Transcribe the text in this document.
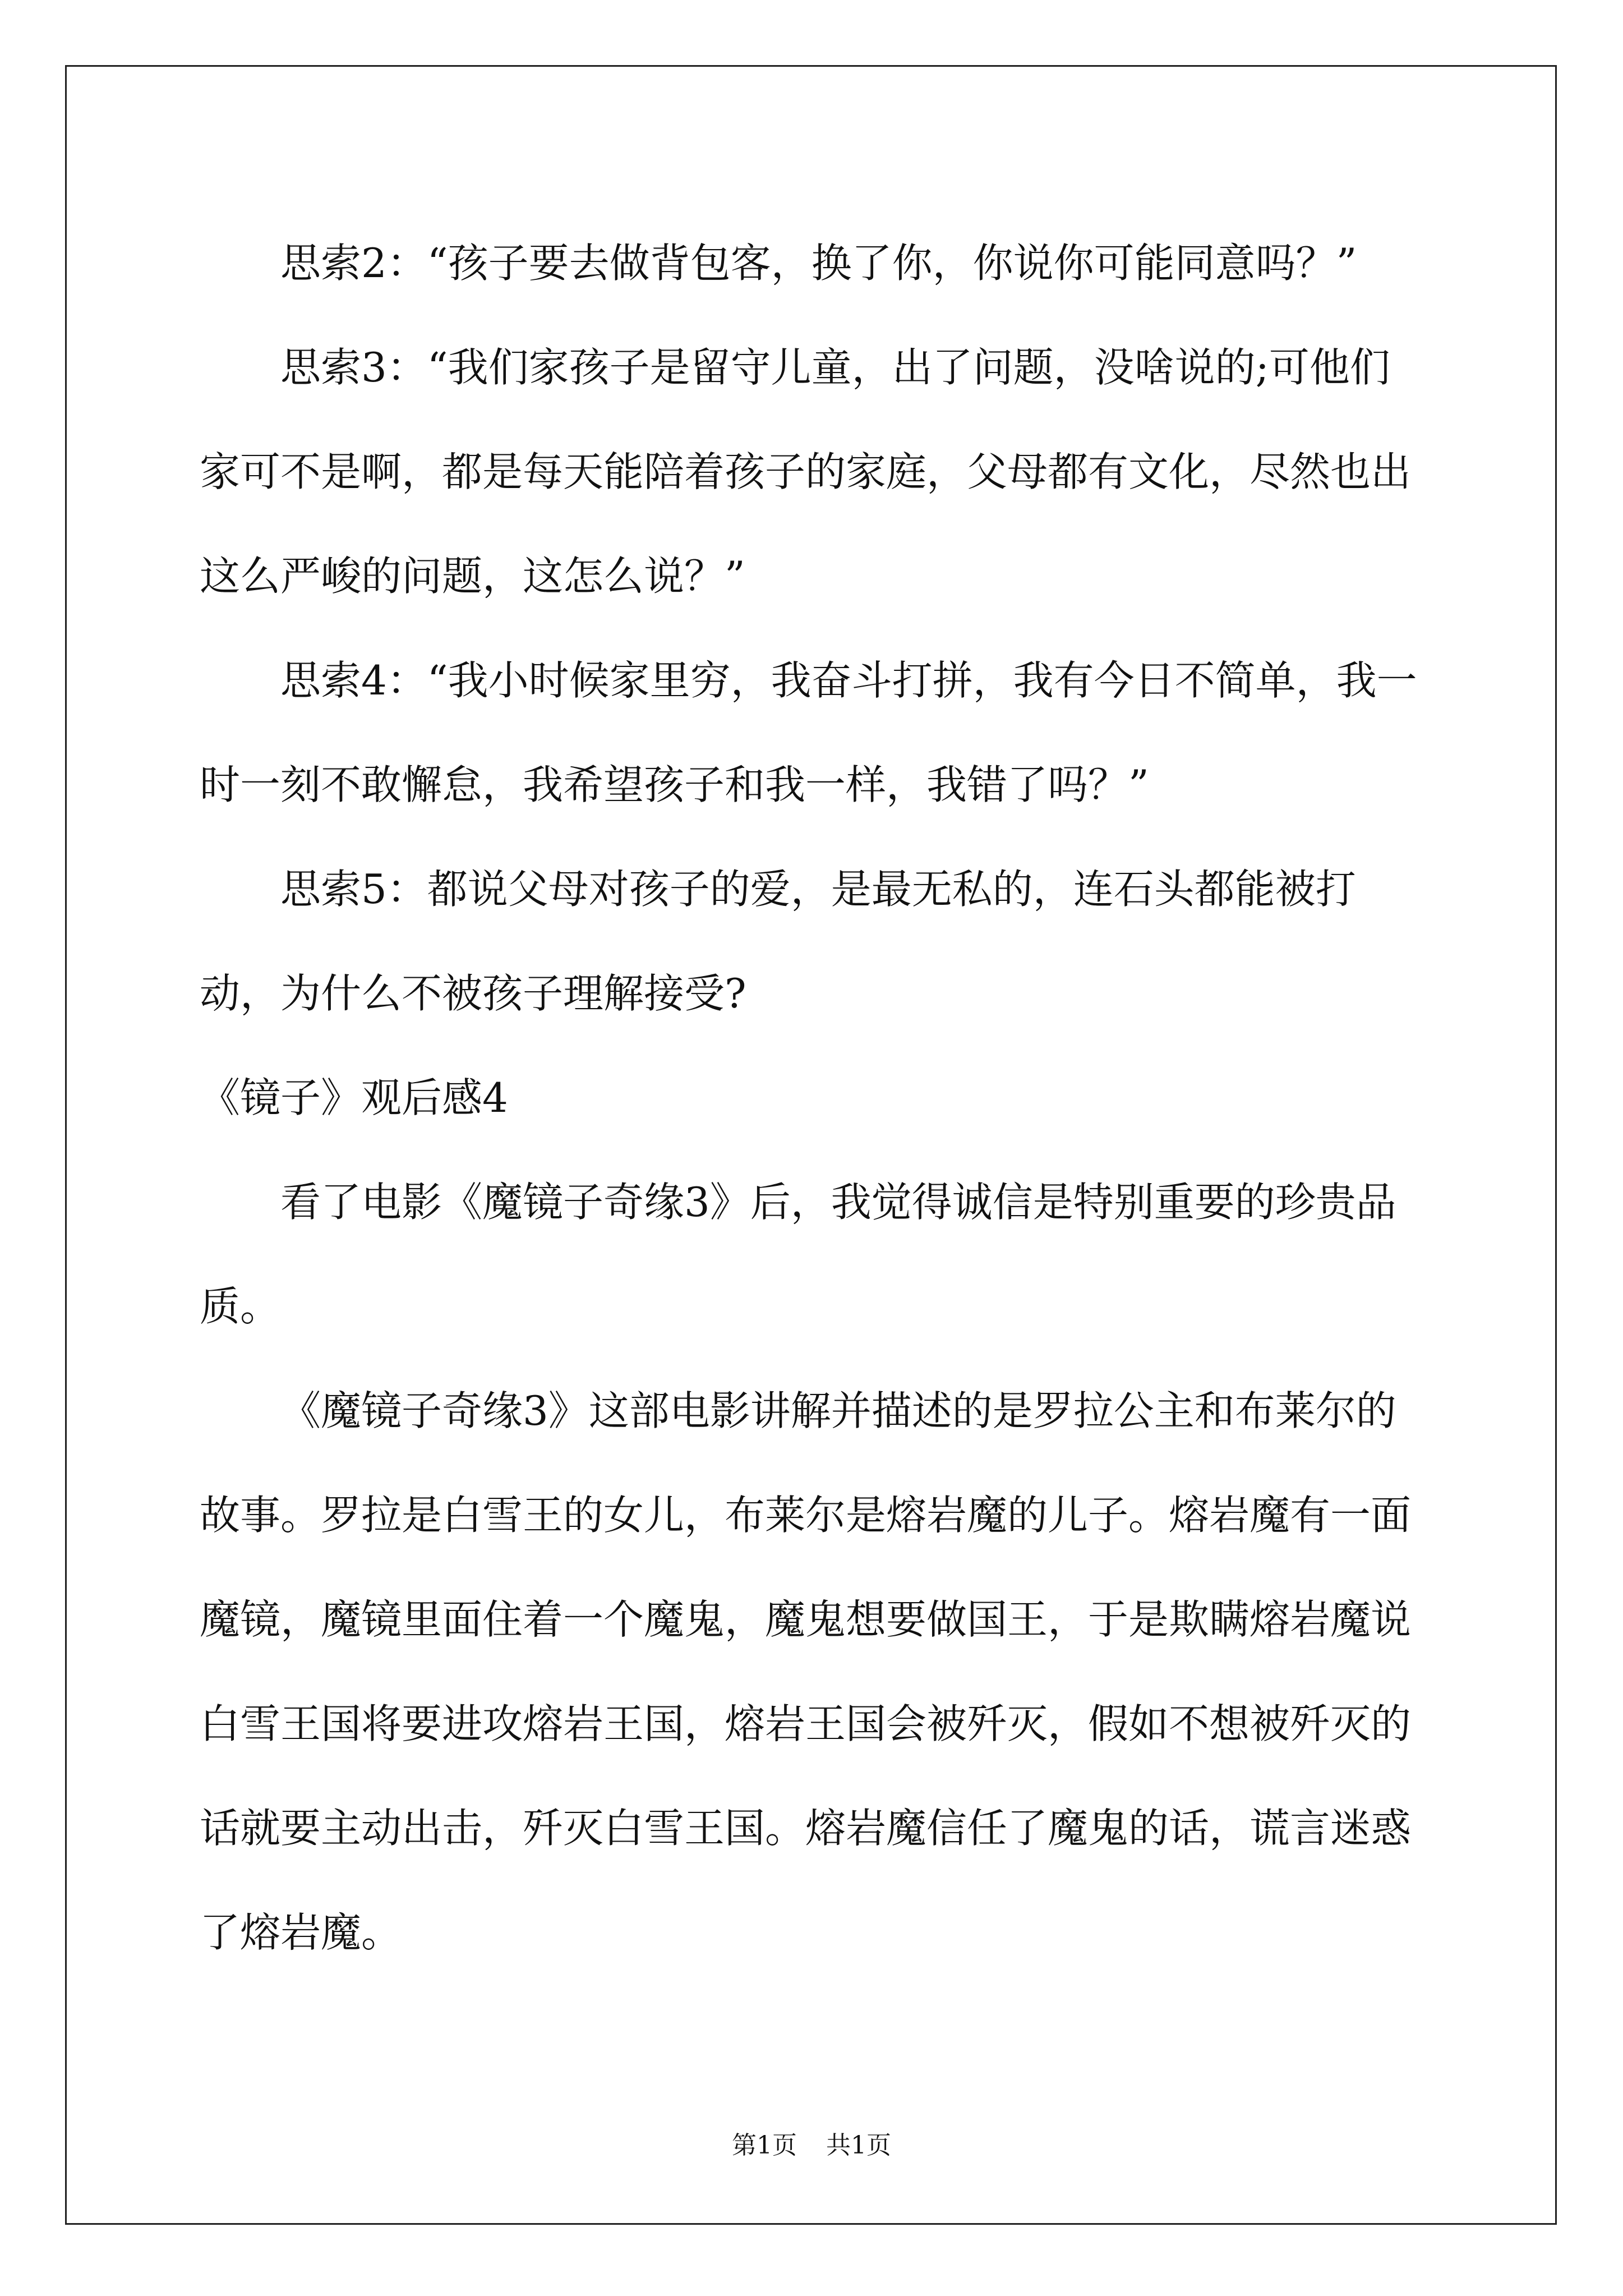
思索2：“孩子要去做背包客，换了你，你说你可能同意吗？”

思索3：“我们家孩子是留守儿童，出了问题，没啥说的;可他们家可不是啊，都是每天能陪着孩子的家庭，父母都有文化，尽然也出这么严峻的问题，这怎么说？”

思索4：“我小时候家里穷，我奋斗打拼，我有今日不简单，我一时一刻不敢懈怠，我希望孩子和我一样，我错了吗？”

思索5：都说父母对孩子的爱，是最无私的，连石头都能被打动，为什么不被孩子理解接受?

《镜子》观后感4

看了电影《魔镜子奇缘3》后，我觉得诚信是特别重要的珍贵品质。

《魔镜子奇缘3》这部电影讲解并描述的是罗拉公主和布莱尔的故事。罗拉是白雪王的女儿，布莱尔是熔岩魔的儿子。熔岩魔有一面魔镜，魔镜里面住着一个魔鬼，魔鬼想要做国王，于是欺瞒熔岩魔说白雪王国将要进攻熔岩王国，熔岩王国会被歼灭，假如不想被歼灭的话就要主动出击，歼灭白雪王国。熔岩魔信任了魔鬼的话，谎言迷惑了熔岩魔。

第1页 共1页
